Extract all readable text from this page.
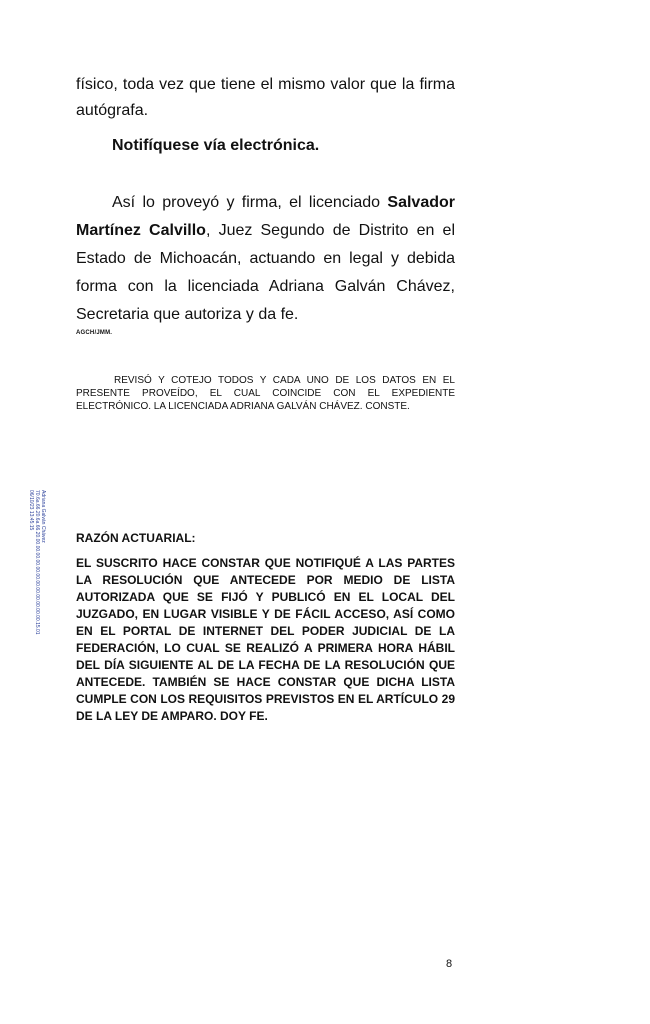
físico, toda vez que tiene el mismo valor que la firma autógrafa.
Notifíquese vía electrónica.
Así lo proveyó y firma, el licenciado Salvador Martínez Calvillo, Juez Segundo de Distrito en el Estado de Michoacán, actuando en legal y debida forma con la licenciada Adriana Galván Chávez, Secretaria que autoriza y da fe.
AGCH/JMM.
REVISÓ Y COTEJO TODOS Y CADA UNO DE LOS DATOS EN EL PRESENTE PROVEÍDO, EL CUAL COINCIDE CON EL EXPEDIENTE ELECTRÓNICO. LA LICENCIADA ADRIANA GALVÁN CHÁVEZ. CONSTE.
Adriana Galván Chávez
70.6a.66.20.6a.66.20.00.00.00.00.00.00.00.00.00.00.00.00.15.01
06/10/23 13:45:15
RAZÓN ACTUARIAL:
EL SUSCRITO HACE CONSTAR QUE NOTIFIQUÉ A LAS PARTES LA RESOLUCIÓN QUE ANTECEDE POR MEDIO DE LISTA AUTORIZADA QUE SE FIJÓ Y PUBLICÓ EN EL LOCAL DEL JUZGADO, EN LUGAR VISIBLE Y DE FÁCIL ACCESO, ASÍ COMO EN EL PORTAL DE INTERNET DEL PODER JUDICIAL DE LA FEDERACIÓN, LO CUAL SE REALIZÓ A PRIMERA HORA HÁBIL DEL DÍA SIGUIENTE AL DE LA FECHA DE LA RESOLUCIÓN QUE ANTECEDE. TAMBIÉN SE HACE CONSTAR QUE DICHA LISTA CUMPLE CON LOS REQUISITOS PREVISTOS EN EL ARTÍCULO 29 DE LA LEY DE AMPARO. DOY FE.
8
